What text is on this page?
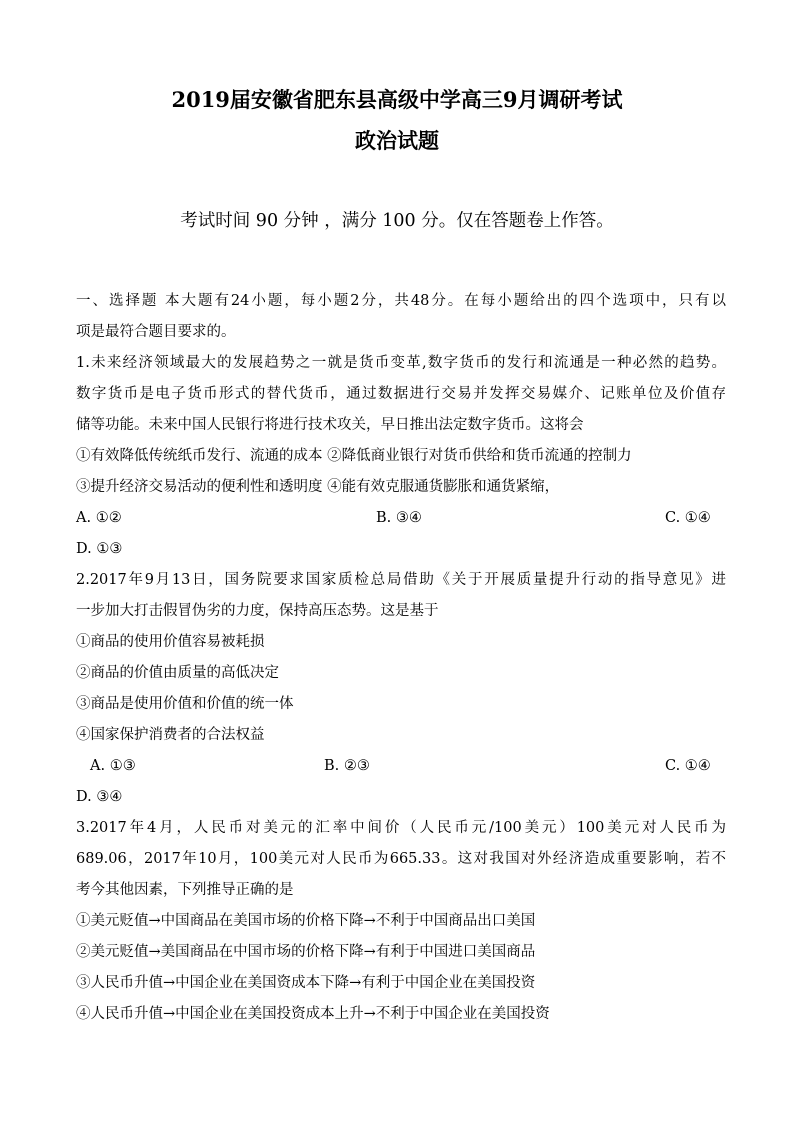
2019届安徽省肥东县高级中学高三9月调研考试
政治试题
考试时间 90 分钟 ，满分 100 分。仅在答题卷上作答。
一、选择题 本大题有24小题，每小题2分，共48分。在每小题给出的四个选项中，只有以
项是最符合题目要求的。
1.未来经济领域最大的发展趋势之一就是货币变革,数字货币的发行和流通是一种必然的趋势。
数字货币是电子货币形式的替代货币，通过数据进行交易并发挥交易媒介、记账单位及价值存
储等功能。未来中国人民银行将进行技术攻关，早日推出法定数字货币。这将会
①有效降低传统纸币发行、流通的成本 ②降低商业银行对货币供给和货币流通的控制力
③提升经济交易活动的便利性和透明度 ④能有效克服通货膨胀和通货紧缩，
A. ①②	B. ③④	C. ①④
D. ①③
2.2017年9月13日，国务院要求国家质检总局借助《关于开展质量提升行动的指导意见》进
一步加大打击假冒伪劣的力度，保持高压态势。这是基于
①商品的使用价值容易被耗损
②商品的价值由质量的高低决定
③商品是使用价值和价值的统一体
④国家保护消费者的合法权益
A. ①③	B. ②③	C. ①④
D. ③④
3.2017年4月，人民币对美元的汇率中间价（人民币元/100美元）100美元对人民币为
689.06，2017年10月，100美元对人民币为665.33。这对我国对外经济造成重要影响，若不
考今其他因素，下列推导正确的是
①美元贬值→中国商品在美国市场的价格下降→不利于中国商品出口美国
②美元贬值→美国商品在中国市场的价格下降→有利于中国进口美国商品
③人民币升值→中国企业在美国资成本下降→有利于中国企业在美国投资
④人民币升值→中国企业在美国投资成本上升→不利于中国企业在美国投资
